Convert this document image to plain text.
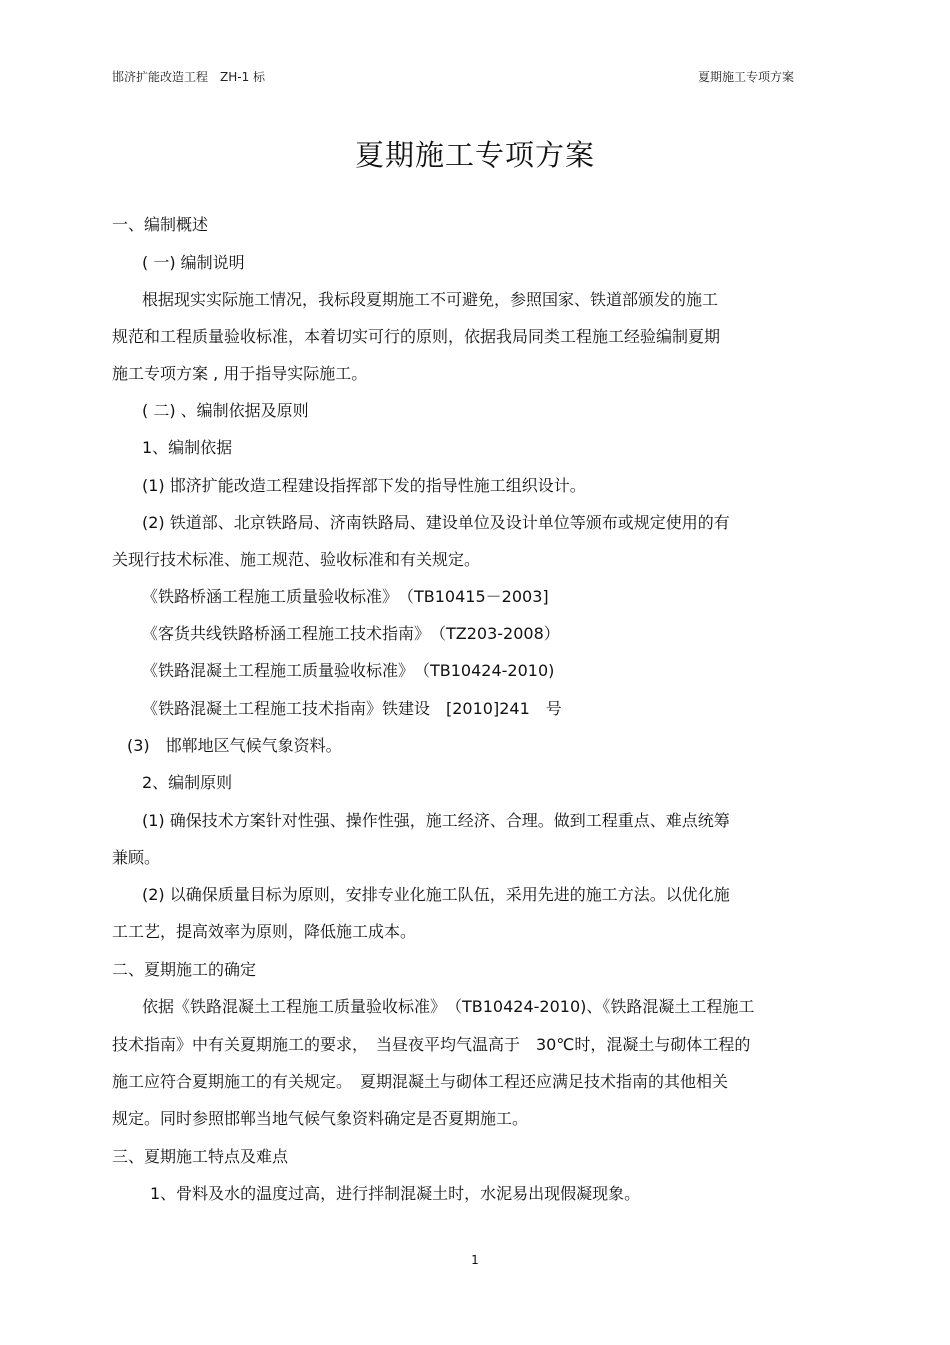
邯济扩能改造工程　ZH-1 标	夏期施工专项方案
夏期施工专项方案
一、编制概述
( 一) 编制说明
根据现实实际施工情况，我标段夏期施工不可避免，参照国家、铁道部颁发的施工
规范和工程质量验收标准，本着切实可行的原则，依据我局同类工程施工经验编制夏期
施工专项方案 , 用于指导实际施工。
( 二) 、编制依据及原则
1、编制依据
(1) 邯济扩能改造工程建设指挥部下发的指导性施工组织设计。
(2) 铁道部、北京铁路局、济南铁路局、建设单位及设计单位等颁布或规定使用的有
关现行技术标准、施工规范、验收标准和有关规定。
《铁路桥涵工程施工质量验收标准》　（TB10415－2003]
《客货共线铁路桥涵工程施工技术指南》　（TZ203-2008）
《铁路混凝土工程施工质量验收标准》　（TB10424-2010)
《铁路混凝土工程施工技术指南》铁建设　[2010]241　号
(3)　邯郸地区气候气象资料。
2、编制原则
(1) 确保技术方案针对性强、操作性强，施工经济、合理。做到工程重点、难点统筹
兼顾。
(2) 以确保质量目标为原则，安排专业化施工队伍，采用先进的施工方法。以优化施
工工艺，提高效率为原则，降低施工成本。
二、夏期施工的确定
依据《铁路混凝土工程施工质量验收标准》　（TB10424-2010)、《铁路混凝土工程施工
技术指南》中有关夏期施工的要求，　当昼夜平均气温高于　30℃时，混凝土与砌体工程的
施工应符合夏期施工的有关规定。　夏期混凝土与砌体工程还应满足技术指南的其他相关
规定。同时参照邯郸当地气候气象资料确定是否夏期施工。
三、夏期施工特点及难点
1、骨料及水的温度过高，进行拌制混凝土时，水泥易出现假凝现象。
1
